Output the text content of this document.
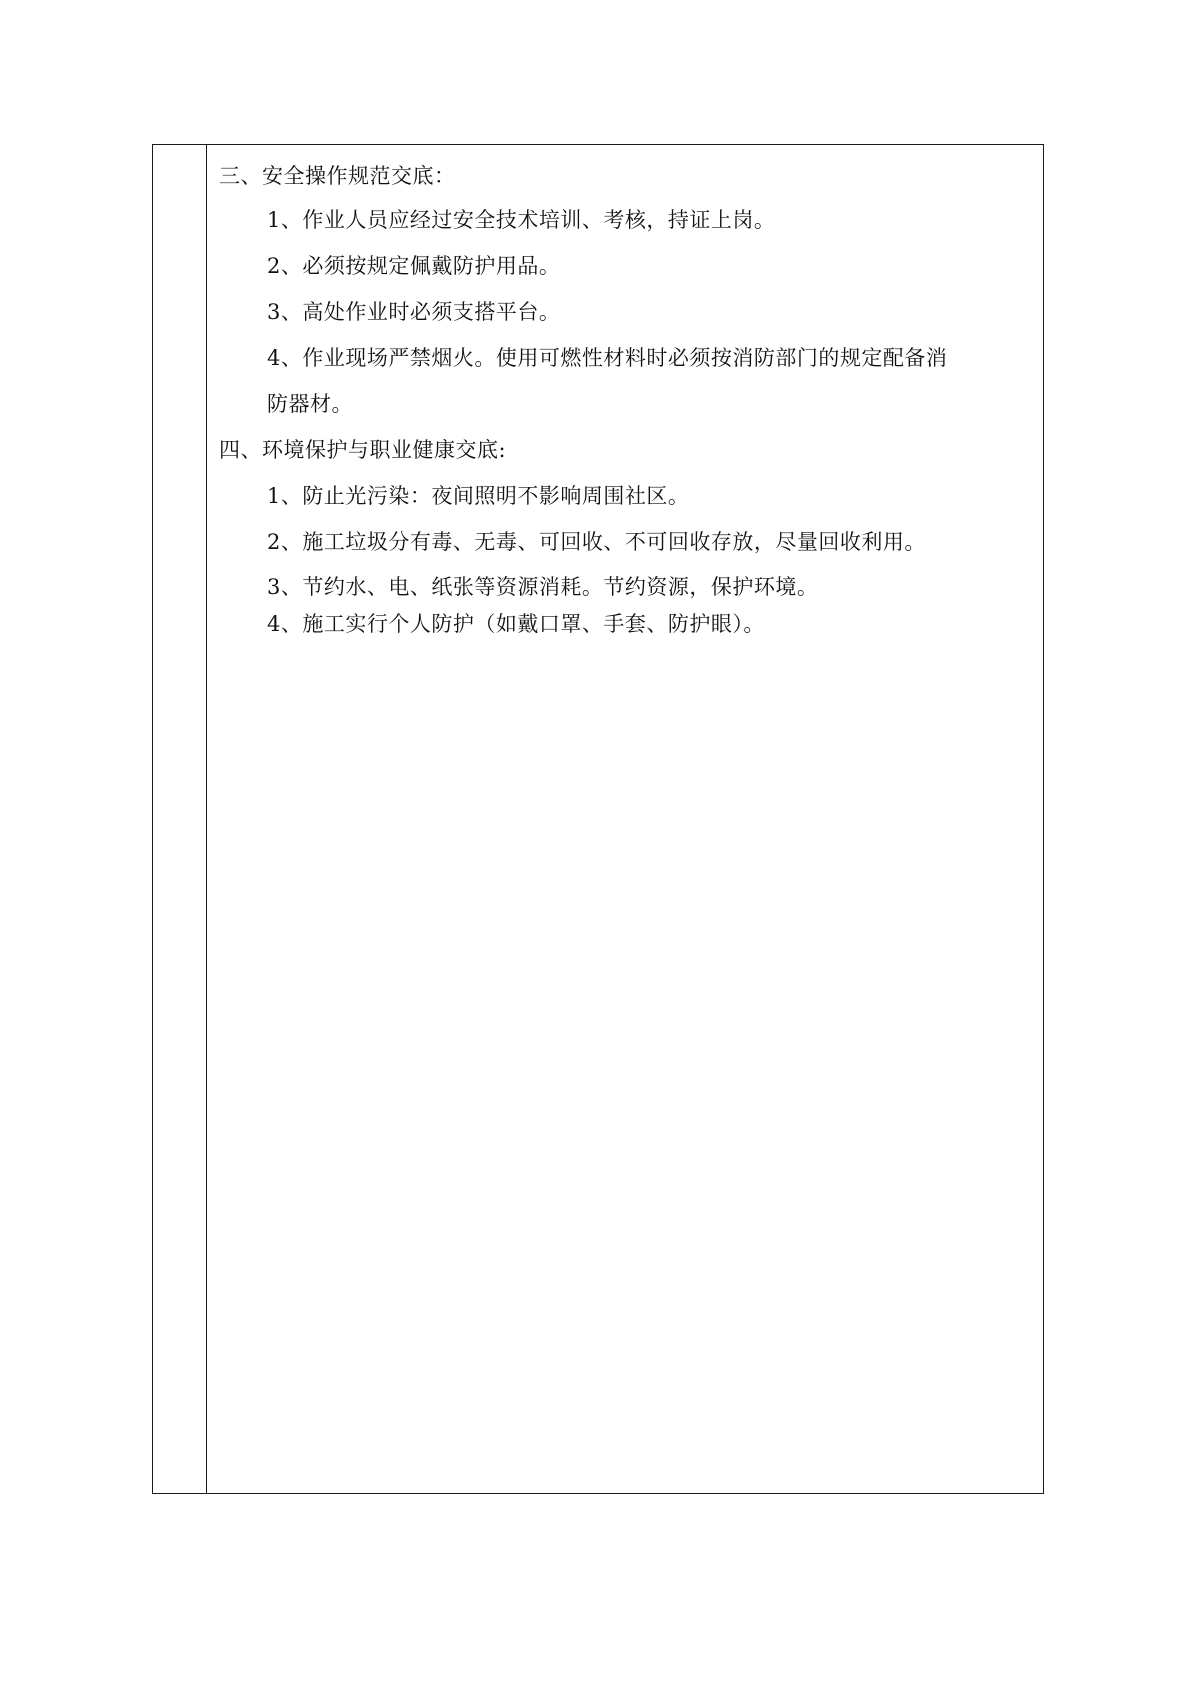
三、安全操作规范交底：
1、作业人员应经过安全技术培训、考核，持证上岗。
2、必须按规定佩戴防护用品。
3、高处作业时必须支搭平台。
4、作业现场严禁烟火。使用可燃性材料时必须按消防部门的规定配备消
防器材。
四、环境保护与职业健康交底:
1、防止光污染：夜间照明不影响周围社区。
2、施工垃圾分有毒、无毒、可回收、不可回收存放，尽量回收利用。
3、节约水、电、纸张等资源消耗。节约资源，保护环境。
4、施工实行个人防护（如戴口罩、手套、防护眼）。
